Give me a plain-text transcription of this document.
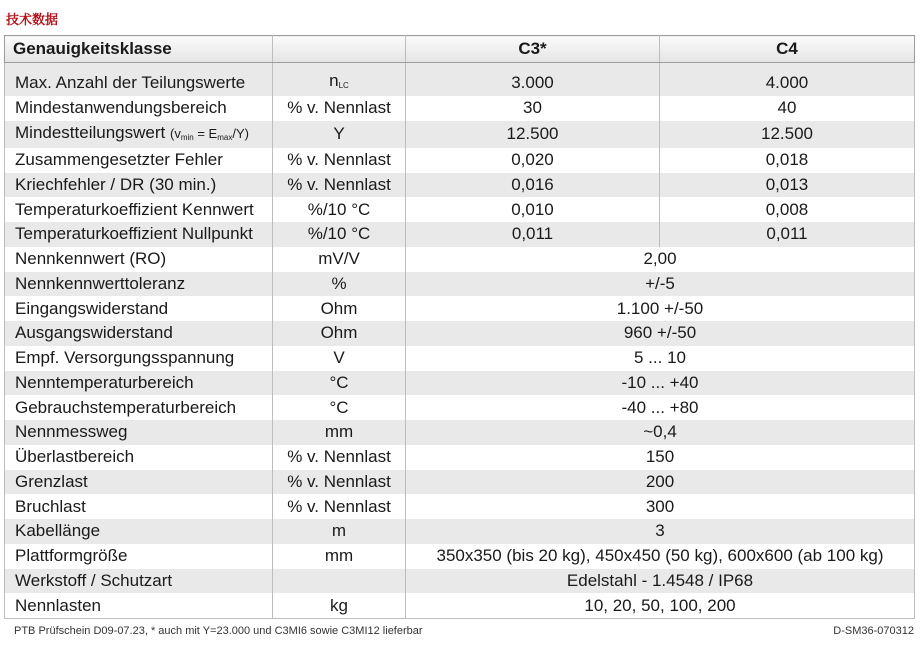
技术数据
Genauigkeitsklasse		C3*	C4

Max. Anzahl der Teilungswerte	nLC	3.000	4.000
Mindestanwendungsbereich	% v. Nennlast	30	40
Mindestteilungswert (vmin = Emax/Y)	Y	12.500	12.500
Zusammengesetzter Fehler	% v. Nennlast	0,020	0,018
Kriechfehler / DR (30 min.)	% v. Nennlast	0,016	0,013
Temperaturkoeffizient Kennwert	%/10 °C	0,010	0,008
Temperaturkoeffizient Nullpunkt	%/10 °C	0,011	0,011
Nennkennwert (RO)	mV/V	2,00	
Nennkennwerttoleranz	%	+/-5	
Eingangswiderstand	Ohm	1.100 +/-50	
Ausgangswiderstand	Ohm	960 +/-50	
Empf. Versorgungsspannung	V	5 ... 10	
Nenntemperaturbereich	°C	-10 ... +40	
Gebrauchstemperaturbereich	°C	-40 ... +80	
Nennmessweg	mm	~0,4	
Überlastbereich	% v. Nennlast	150	
Grenzlast	% v. Nennlast	200	
Bruchlast	% v. Nennlast	300	
Kabellänge	m	3	
Plattformgröße	mm	350x350 (bis 20 kg), 450x450 (50 kg), 600x600 (ab 100 kg)	
Werkstoff / Schutzart		Edelstahl - 1.4548 / IP68	
Nennlasten	kg	10, 20, 50, 100, 200	
PTB Prüfschein D09-07.23, * auch mit Y=23.000 und C3MI6 sowie C3MI12 lieferbar	D-SM36-070312
